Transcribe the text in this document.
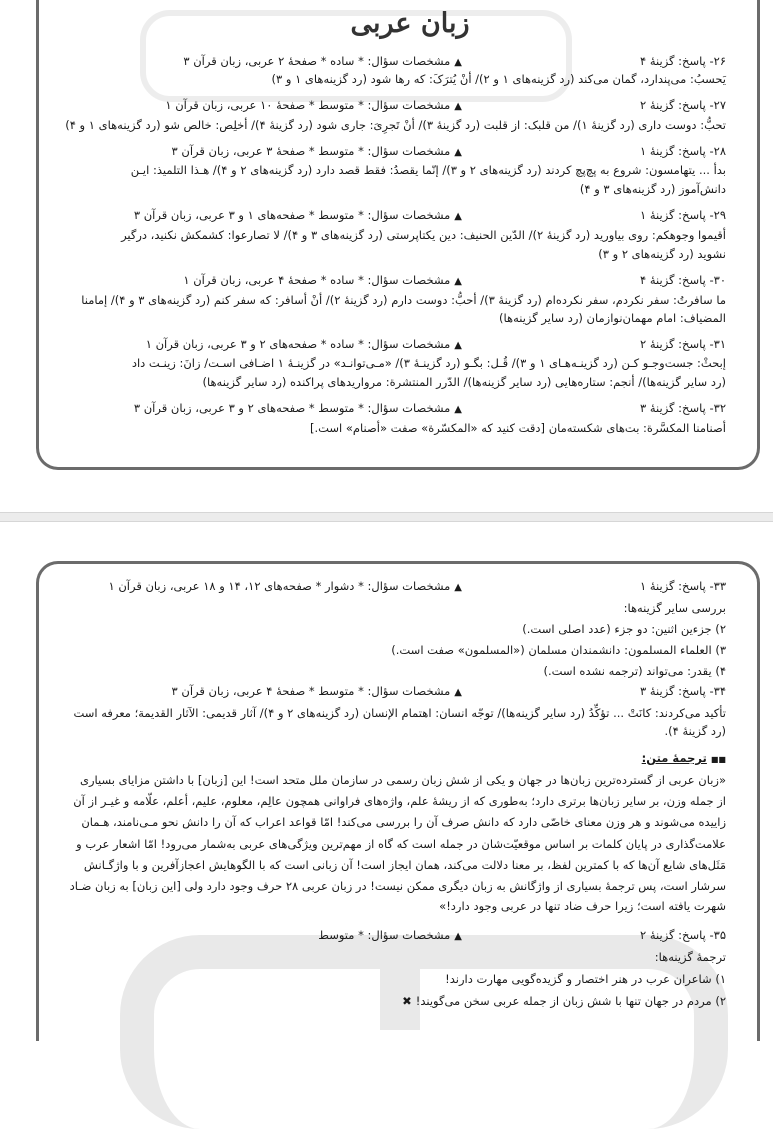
زبان عربی
۲۶- پاسخ: گزینهٔ ۴
▲مشخصات سؤال: * ساده * صفحهٔ ۲ عربی، زبان قرآن ۳
یَحسبُ: می‌پندارد، گمان می‌کند (رد گزینه‌های ۱ و ۲)/ أنْ یُترَکَ: که رها شود (رد گزینه‌های ۱ و ۳)
۲۷- پاسخ: گزینهٔ ۲
▲مشخصات سؤال: * متوسط * صفحهٔ ۱۰ عربی، زبان قرآن ۱
تحبُّ: دوست داری (رد گزینهٔ ۱)/ من قلبک: از قلبت (رد گزینهٔ ۳)/ أنْ تَجرِیَ: جاری شود (رد گزینهٔ ۴)/ أخلِص: خالص شو (رد گزینه‌های ۱ و ۴)
۲۸- پاسخ: گزینهٔ ۱
▲مشخصات سؤال: * متوسط * صفحهٔ ۳ عربی، زبان قرآن ۳
بدأ ... یتهامسون: شروع به پچ‌پچ کردند (رد گزینه‌های ۲ و ۳)/ إنّما یقصدُ: فقط قصد دارد (رد گزینه‌های ۲ و ۴)/ هـذا التلمیذ: ایـن
دانش‌آموز (رد گزینه‌های ۳ و ۴)
۲۹- پاسخ: گزینهٔ ۱
▲مشخصات سؤال: * متوسط * صفحه‌های ۱ و ۳ عربی، زبان قرآن ۳
أقیموا وجوهکم: روی بیاورید (رد گزینهٔ ۲)/ الدّین الحنیف: دین یکتاپرستی (رد گزینه‌های ۳ و ۴)/ لا تصارعوا: کشمکش نکنید، درگیر
نشوید (رد گزینه‌های ۲ و ۳)
۳۰- پاسخ: گزینهٔ ۴
▲مشخصات سؤال: * ساده * صفحهٔ ۴ عربی، زبان قرآن ۱
ما سافرتُ: سفر نکردم، سفر نکرده‌ام (رد گزینهٔ ۳)/ أحبُّ: دوست دارم (رد گزینهٔ ۲)/ أنْ أسافر: که سفر کنم (رد گزینه‌های ۳ و ۴)/ إمامنا
المضیاف: امام مهمان‌نوازمان (رد سایر گزینه‌ها)
۳۱- پاسخ: گزینهٔ ۲
▲مشخصات سؤال: * ساده * صفحه‌های ۲ و ۳ عربی، زبان قرآن ۱
إبحثْ: جست‌وجـو کـن (رد گزینـه‌هـای ۱ و ۳)/ قُـل: بگـو (رد گزینـهٔ ۳)/ «مـی‌توانـد» در گزینـهٔ ۱ اضـافی اسـت/ زانَ: زینـت داد
(رد سایر گزینه‌ها)/ أنجم: ستاره‌هایی (رد سایر گزینه‌ها)/ الدّرر المنتشرة: مرواریدهای پراکنده (رد سایر گزینه‌ها)
۳۲- پاسخ: گزینهٔ ۳
▲مشخصات سؤال: * متوسط * صفحه‌های ۲ و ۳ عربی، زبان قرآن ۳
أصنامنا المکسَّرة: بت‌های شکسته‌مان [دقت کنید که «المکسّرة» صفت «أصنام» است.]
۳۳- پاسخ: گزینهٔ ۱
▲مشخصات سؤال: * دشوار * صفحه‌های ۱۲، ۱۴ و ۱۸ عربی، زبان قرآن ۱
بررسی سایر گزینه‌ها:
۲) جزءین اثنین: دو جزء (عدد اصلی است.)
۳) العلماء المسلمون: دانشمندان مسلمان («المسلمون» صفت است.)
۴) یقدر: می‌تواند (ترجمه نشده است.)
۳۴- پاسخ: گزینهٔ ۳
▲مشخصات سؤال: * متوسط * صفحهٔ ۴ عربی، زبان قرآن ۳
تأکید می‌کردند: کانَتْ ... تؤکِّدُ (رد سایر گزینه‌ها)/ توجّه انسان: اهتمام الإنسان (رد گزینه‌های ۲ و ۴)/ آثار قدیمی: الآثار القدیمة؛ معرفه است
(رد گزینهٔ ۴).
■■ترجمهٔ متن:
«زبان عربی از گسترده‌ترین زبان‌ها در جهان و یکی از شش زبان رسمی در سازمان ملل متحد است! این [زبان] با داشتن مزایای بسیاری
از جمله وزن، بر سایر زبان‌ها برتری دارد؛ به‌طوری که از ریشهٔ علم، واژه‌های فراوانی همچون عالِم، معلوم، علیم، أعلم، علّامه و غیـر از آن
زاییده می‌شوند و هر وزن معنای خاصّی دارد که دانش صرف آن را بررسی می‌کند! امّا قواعد اعراب که آن را دانش نحو مـی‌نامند، هـمان
علامت‌گذاری در پایان کلمات بر اساس موقعیّت‌شان در جمله است که گاه از مهم‌ترین ویژگی‌های عربی به‌شمار می‌رود! امّا اشعار عرب و
مَثَل‌های شایع آن‌ها که با کمترین لفظ، بر معنا دلالت می‌کند، همان ایجاز است! آن زبانی است که با الگوهایش اعجازآفرین و با واژگـانش
سرشار است، پس ترجمهٔ بسیاری از واژگانش به زبان دیگری ممکن نیست! در زبان عربی ۲۸ حرف وجود دارد ولی [این زبان] به زبان ضـاد
شهرت یافته است؛ زیرا حرف ضاد تنها در عربی وجود دارد!»
۳۵- پاسخ: گزینهٔ ۲
▲مشخصات سؤال: * متوسط
ترجمهٔ گزینه‌ها:
۱) شاعران عرب در هنر اختصار و گزیده‌گویی مهارت دارند!
۲) مردم در جهان تنها با شش زبان از جمله عربی سخن می‌گویند!✖
